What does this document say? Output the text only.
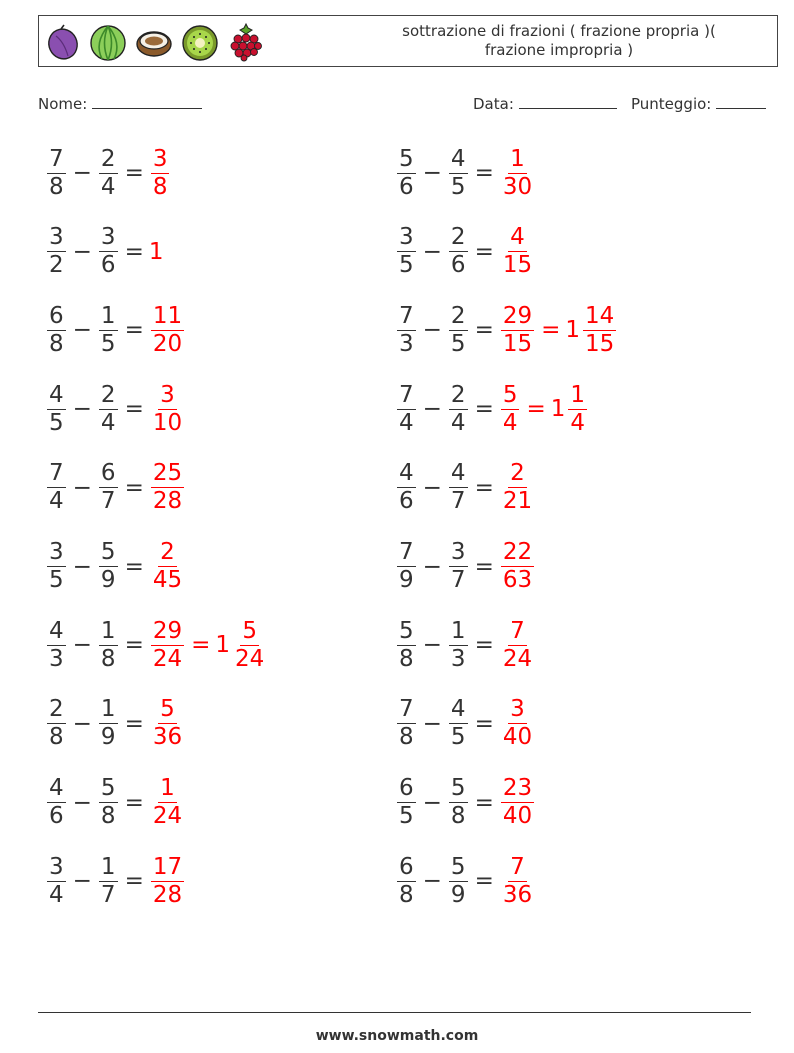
sottrazione di frazioni ( frazione propria )(
frazione impropria )
Nome:	Data:	Punteggio:
$\frac{7}{8} - \frac{2}{4} = \frac{3}{8}$
$\frac{3}{2} - \frac{3}{6} = 1$
$\frac{6}{8} - \frac{1}{5} = \frac{11}{20}$
$\frac{4}{5} - \frac{2}{4} = \frac{3}{10}$
$\frac{7}{4} - \frac{6}{7} = \frac{25}{28}$
$\frac{3}{5} - \frac{5}{9} = \frac{2}{45}$
$\frac{4}{3} - \frac{1}{8} = \frac{29}{24} = 1 \frac{5}{24}$
$\frac{2}{8} - \frac{1}{9} = \frac{5}{36}$
$\frac{4}{6} - \frac{5}{8} = \frac{1}{24}$
$\frac{3}{4} - \frac{1}{7} = \frac{17}{28}$
$\frac{5}{6} - \frac{4}{5} = \frac{1}{30}$
$\frac{3}{5} - \frac{2}{6} = \frac{4}{15}$
$\frac{7}{3} - \frac{2}{5} = \frac{29}{15} = 1 \frac{14}{15}$
$\frac{7}{4} - \frac{2}{4} = \frac{5}{4} = 1 \frac{1}{4}$
$\frac{4}{6} - \frac{4}{7} = \frac{2}{21}$
$\frac{7}{9} - \frac{3}{7} = \frac{22}{63}$
$\frac{5}{8} - \frac{1}{3} = \frac{7}{24}$
$\frac{7}{8} - \frac{4}{5} = \frac{3}{40}$
$\frac{6}{5} - \frac{5}{8} = \frac{23}{40}$
$\frac{6}{8} - \frac{5}{9} = \frac{7}{36}$
www.snowmath.com
